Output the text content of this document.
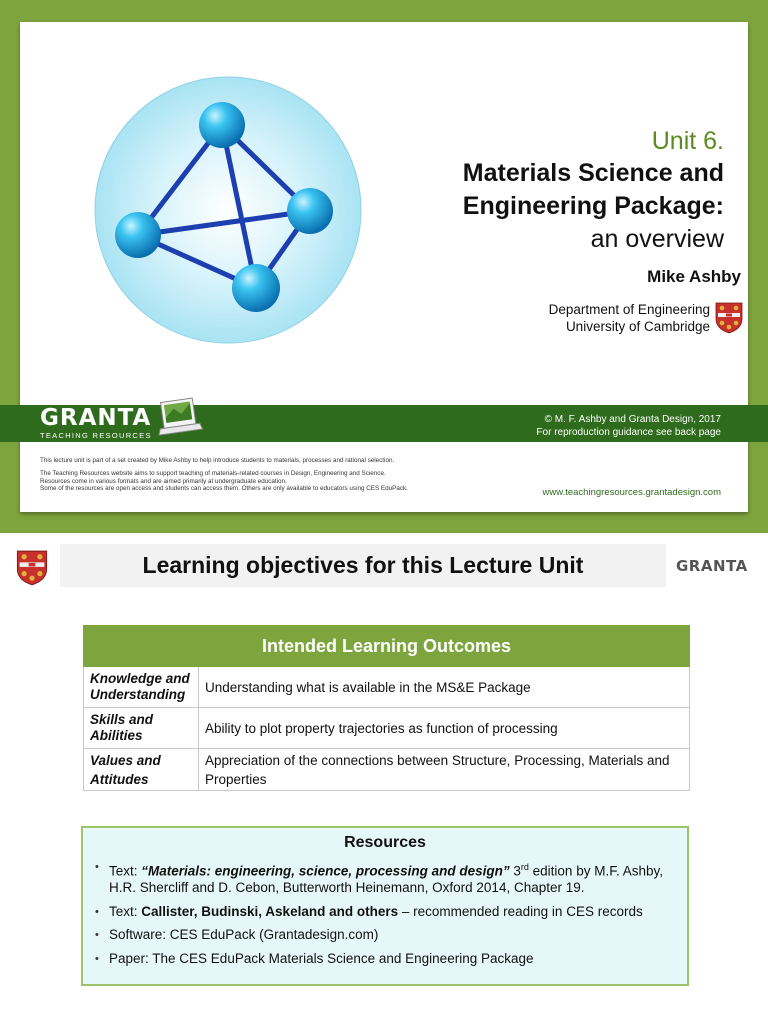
Unit 6.
Materials Science and
Engineering Package:
an overview
Mike Ashby
Department of Engineering
University of Cambridge
GRANTA
TEACHING RESOURCES
© M. F. Ashby and Granta Design, 2017
For reproduction guidance see back page

This lecture unit is part of a set created by Mike Ashby to help introduce students to materials, processes and rational selection.

The Teaching Resources website aims to support teaching of materials-related courses in Design, Engineering and Science.
Resources come in various formats and are aimed primarily at undergraduate education.
Some of the resources are open access and students can access them. Others are only available to educators using CES EduPack.	www.teachingresources.grantadesign.com
Learning objectives for this Lecture Unit	GRANTA
Intended Learning Outcomes	
Knowledge and Understanding	Understanding what is available in the MS&E Package
Skills and Abilities	Ability to plot property trajectories as function of processing
Values and Attitudes	Appreciation of the connections between Structure, Processing, Materials and Properties
Resources
• Text: “Materials: engineering, science, processing and design” 3rd edition by M.F. Ashby, H.R. Shercliff and D. Cebon, Butterworth Heinemann, Oxford 2014, Chapter 19.
• Text: Callister, Budinski, Askeland and others – recommended reading in CES records
• Software: CES EduPack (Grantadesign.com)
• Paper: The CES EduPack Materials Science and Engineering Package
